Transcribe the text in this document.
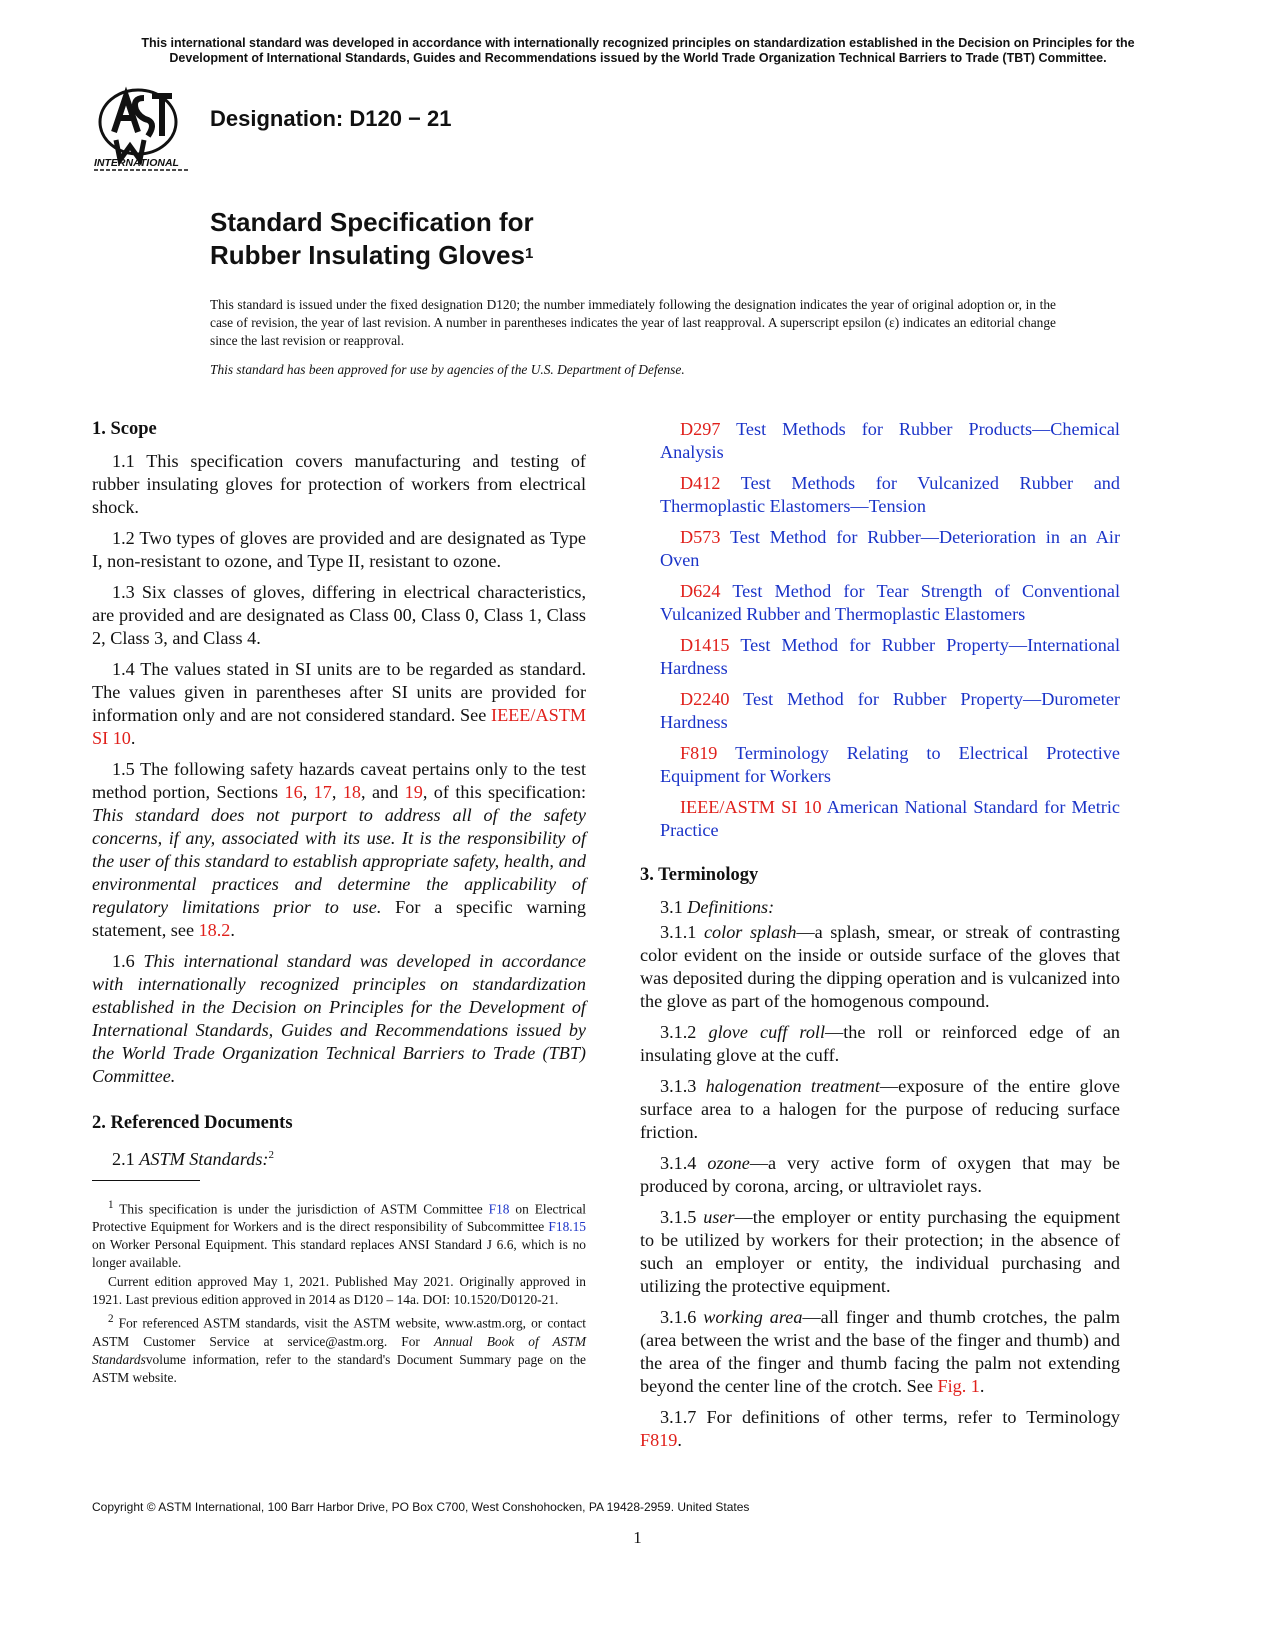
This international standard was developed in accordance with internationally recognized principles on standardization established in the Decision on Principles for the
Development of International Standards, Guides and Recommendations issued by the World Trade Organization Technical Barriers to Trade (TBT) Committee.
INTERNATIONAL
Designation: D120 − 21
Standard Specification for
Rubber Insulating Gloves$^1$
This standard is issued under the fixed designation D120; the number immediately following the designation indicates the year of original adoption or, in the case of revision, the year of last revision. A number in parentheses indicates the year of last reapproval. A superscript epsilon (ε) indicates an editorial change since the last revision or reapproval.
This standard has been approved for use by agencies of the U.S. Department of Defense.
1. Scope

1.1 This specification covers manufacturing and testing of rubber insulating gloves for protection of workers from electrical shock.

1.2 Two types of gloves are provided and are designated as Type I, non-resistant to ozone, and Type II, resistant to ozone.

1.3 Six classes of gloves, differing in electrical characteristics, are provided and are designated as Class 00, Class 0, Class 1, Class 2, Class 3, and Class 4.

1.4 The values stated in SI units are to be regarded as standard. The values given in parentheses after SI units are provided for information only and are not considered standard. See IEEE/ASTM SI 10.

1.5 The following safety hazards caveat pertains only to the test method portion, Sections 16, 17, 18, and 19, of this specification: This standard does not purport to address all of the safety concerns, if any, associated with its use. It is the responsibility of the user of this standard to establish appropriate safety, health, and environmental practices and determine the applicability of regulatory limitations prior to use. For a specific warning statement, see 18.2.

1.6 This international standard was developed in accordance with internationally recognized principles on standardization established in the Decision on Principles for the Development of International Standards, Guides and Recommendations issued by the World Trade Organization Technical Barriers to Trade (TBT) Committee.

2. Referenced Documents

2.1 ASTM Standards:$^2$

D297 Test Methods for Rubber Products—Chemical Analysis

D412 Test Methods for Vulcanized Rubber and Thermoplastic Elastomers—Tension

D573 Test Method for Rubber—Deterioration in an Air Oven

D624 Test Method for Tear Strength of Conventional Vulcanized Rubber and Thermoplastic Elastomers

D1415 Test Method for Rubber Property—International Hardness

D2240 Test Method for Rubber Property—Durometer Hardness

F819 Terminology Relating to Electrical Protective Equipment for Workers

IEEE/ASTM SI 10 American National Standard for Metric Practice

3. Terminology

3.1 Definitions:

3.1.1 color splash—a splash, smear, or streak of contrasting color evident on the inside or outside surface of the gloves that was deposited during the dipping operation and is vulcanized into the glove as part of the homogenous compound.

3.1.2 glove cuff roll—the roll or reinforced edge of an insulating glove at the cuff.

3.1.3 halogenation treatment—exposure of the entire glove surface area to a halogen for the purpose of reducing surface friction.

3.1.4 ozone—a very active form of oxygen that may be produced by corona, arcing, or ultraviolet rays.

3.1.5 user—the employer or entity purchasing the equipment to be utilized by workers for their protection; in the absence of such an employer or entity, the individual purchasing and utilizing the protective equipment.

3.1.6 working area—all finger and thumb crotches, the palm (area between the wrist and the base of the finger and thumb) and the area of the finger and thumb facing the palm not extending beyond the center line of the crotch. See Fig. 1.

3.1.7 For definitions of other terms, refer to Terminology F819.

$^1$ This specification is under the jurisdiction of ASTM Committee F18 on Electrical Protective Equipment for Workers and is the direct responsibility of Subcommittee F18.15 on Worker Personal Equipment. This standard replaces ANSI Standard J 6.6, which is no longer available.

Current edition approved May 1, 2021. Published May 2021. Originally approved in 1921. Last previous edition approved in 2014 as D120 – 14a. DOI: 10.1520/D0120-21.

$^2$ For referenced ASTM standards, visit the ASTM website, www.astm.org, or contact ASTM Customer Service at service@astm.org. For Annual Book of ASTM Standardsvolume information, refer to the standard's Document Summary page on the ASTM website.

Copyright © ASTM International, 100 Barr Harbor Drive, PO Box C700, West Conshohocken, PA 19428-2959. United States
1
